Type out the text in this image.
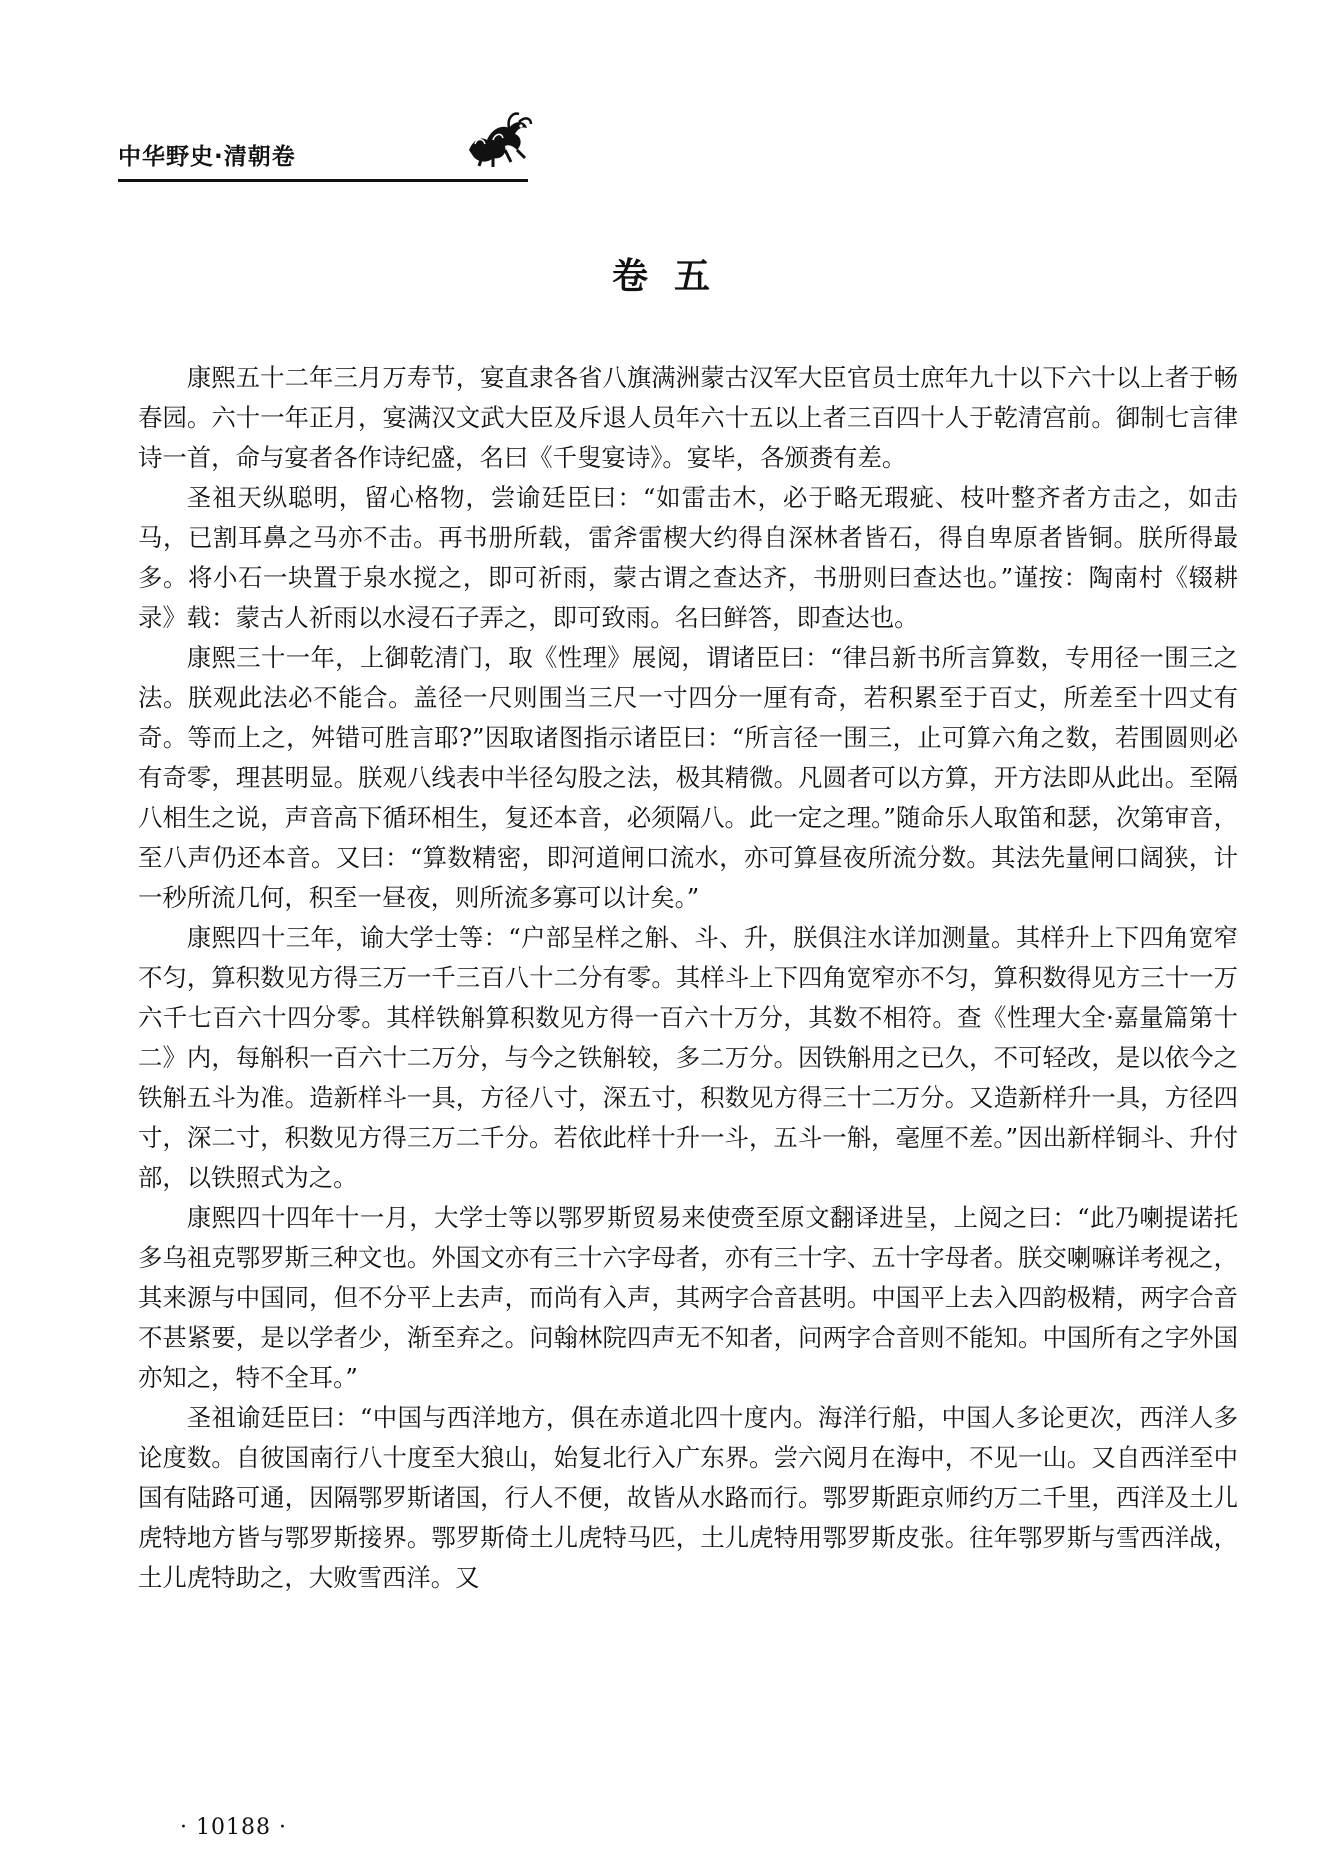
中华野史·清朝卷
卷五

康熙五十二年三月万寿节，宴直隶各省八旗满洲蒙古汉军大臣官员士庶年九十以下六十以上者于畅春园。六十一年正月，宴满汉文武大臣及斥退人员年六十五以上者三百四十人于乾清宫前。御制七言律诗一首，命与宴者各作诗纪盛，名曰《千叟宴诗》。宴毕，各颁赉有差。

圣祖天纵聪明，留心格物，尝谕廷臣曰：“如雷击木，必于略无瑕疵、枝叶整齐者方击之，如击马，已割耳鼻之马亦不击。再书册所载，雷斧雷楔大约得自深林者皆石，得自卑原者皆铜。朕所得最多。将小石一块置于泉水搅之，即可祈雨，蒙古谓之查达齐，书册则曰查达也。”谨按：陶南村《辍耕录》载：蒙古人祈雨以水浸石子弄之，即可致雨。名曰鲜答，即查达也。

康熙三十一年，上御乾清门，取《性理》展阅，谓诸臣曰：“律吕新书所言算数，专用径一围三之法。朕观此法必不能合。盖径一尺则围当三尺一寸四分一厘有奇，若积累至于百丈，所差至十四丈有奇。等而上之，舛错可胜言耶?”因取诸图指示诸臣曰：“所言径一围三，止可算六角之数，若围圆则必有奇零，理甚明显。朕观八线表中半径勾股之法，极其精微。凡圆者可以方算，开方法即从此出。至隔八相生之说，声音高下循环相生，复还本音，必须隔八。此一定之理。”随命乐人取笛和瑟，次第审音，至八声仍还本音。又曰：“算数精密，即河道闸口流水，亦可算昼夜所流分数。其法先量闸口阔狭，计一秒所流几何，积至一昼夜，则所流多寡可以计矣。”

康熙四十三年，谕大学士等：“户部呈样之斛、斗、升，朕俱注水详加测量。其样升上下四角宽窄不匀，算积数见方得三万一千三百八十二分有零。其样斗上下四角宽窄亦不匀，算积数得见方三十一万六千七百六十四分零。其样铁斛算积数见方得一百六十万分，其数不相符。查《性理大全·嘉量篇第十二》内，每斛积一百六十二万分，与今之铁斛较，多二万分。因铁斛用之已久，不可轻改，是以依今之铁斛五斗为准。造新样斗一具，方径八寸，深五寸，积数见方得三十二万分。又造新样升一具，方径四寸，深二寸，积数见方得三万二千分。若依此样十升一斗，五斗一斛，毫厘不差。”因出新样铜斗、升付部，以铁照式为之。

康熙四十四年十一月，大学士等以鄂罗斯贸易来使赍至原文翻译进呈，上阅之曰：“此乃喇提诺托多乌祖克鄂罗斯三种文也。外国文亦有三十六字母者，亦有三十字、五十字母者。朕交喇嘛详考视之，其来源与中国同，但不分平上去声，而尚有入声，其两字合音甚明。中国平上去入四韵极精，两字合音不甚紧要，是以学者少，渐至弃之。问翰林院四声无不知者，问两字合音则不能知。中国所有之字外国亦知之，特不全耳。”

圣祖谕廷臣曰：“中国与西洋地方，俱在赤道北四十度内。海洋行船，中国人多论更次，西洋人多论度数。自彼国南行八十度至大狼山，始复北行入广东界。尝六阅月在海中，不见一山。又自西洋至中国有陆路可通，因隔鄂罗斯诸国，行人不便，故皆从水路而行。鄂罗斯距京师约万二千里，西洋及土儿虎特地方皆与鄂罗斯接界。鄂罗斯倚土儿虎特马匹，土儿虎特用鄂罗斯皮张。往年鄂罗斯与雪西洋战，土儿虎特助之，大败雪西洋。又

· 10188 ·
